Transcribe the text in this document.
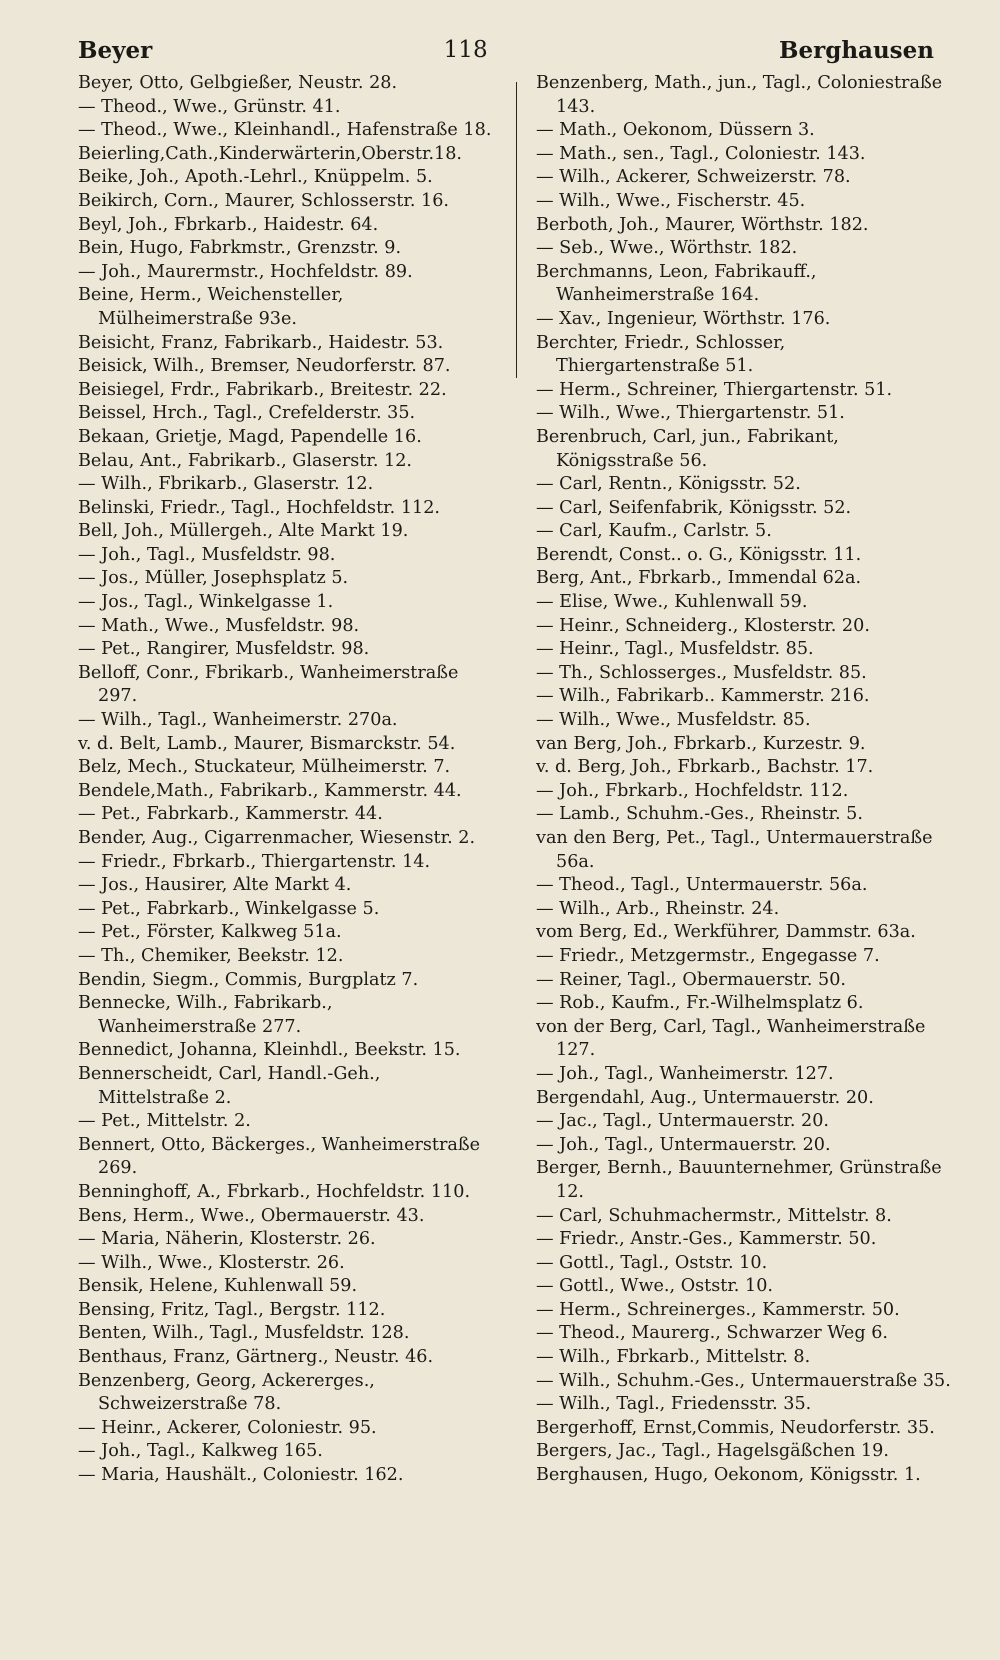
Beyer	118	Berghausen

Beyer, Otto, Gelbgießer, Neustr. 28.

— Theod., Wwe., Grünstr. 41.

— Theod., Wwe., Kleinhandl., Hafenstraße 18.

Beierling,Cath.,Kinderwärterin,Oberstr.18.

Beike, Joh., Apoth.-Lehrl., Knüppelm. 5.

Beikirch, Corn., Maurer, Schlosserstr. 16.

Beyl, Joh., Fbrkarb., Haidestr. 64.

Bein, Hugo, Fabrkmstr., Grenzstr. 9.

— Joh., Maurermstr., Hochfeldstr. 89.

Beine, Herm., Weichensteller, Mülheimerstraße 93e.

Beisicht, Franz, Fabrikarb., Haidestr. 53.

Beisick, Wilh., Bremser, Neudorferstr. 87.

Beisiegel, Frdr., Fabrikarb., Breitestr. 22.

Beissel, Hrch., Tagl., Crefelderstr. 35.

Bekaan, Grietje, Magd, Papendelle 16.

Belau, Ant., Fabrikarb., Glaserstr. 12.

— Wilh., Fbrikarb., Glaserstr. 12.

Belinski, Friedr., Tagl., Hochfeldstr. 112.

Bell, Joh., Müllergeh., Alte Markt 19.

— Joh., Tagl., Musfeldstr. 98.

— Jos., Müller, Josephsplatz 5.

— Jos., Tagl., Winkelgasse 1.

— Math., Wwe., Musfeldstr. 98.

— Pet., Rangirer, Musfeldstr. 98.

Belloff, Conr., Fbrikarb., Wanheimerstraße 297.

— Wilh., Tagl., Wanheimerstr. 270a.

v. d. Belt, Lamb., Maurer, Bismarckstr. 54.

Belz, Mech., Stuckateur, Mülheimerstr. 7.

Bendele,Math., Fabrikarb., Kammerstr. 44.

— Pet., Fabrkarb., Kammerstr. 44.

Bender, Aug., Cigarrenmacher, Wiesenstr. 2.

— Friedr., Fbrkarb., Thiergartenstr. 14.

— Jos., Hausirer, Alte Markt 4.

— Pet., Fabrkarb., Winkelgasse 5.

— Pet., Förster, Kalkweg 51a.

— Th., Chemiker, Beekstr. 12.

Bendin, Siegm., Commis, Burgplatz 7.

Bennecke, Wilh., Fabrikarb., Wanheimerstraße 277.

Bennedict, Johanna, Kleinhdl., Beekstr. 15.

Bennerscheidt, Carl, Handl.-Geh., Mittelstraße 2.

— Pet., Mittelstr. 2.

Bennert, Otto, Bäckerges., Wanheimerstraße 269.

Benninghoff, A., Fbrkarb., Hochfeldstr. 110.

Bens, Herm., Wwe., Obermauerstr. 43.

— Maria, Näherin, Klosterstr. 26.

— Wilh., Wwe., Klosterstr. 26.

Bensik, Helene, Kuhlenwall 59.

Bensing, Fritz, Tagl., Bergstr. 112.

Benten, Wilh., Tagl., Musfeldstr. 128.

Benthaus, Franz, Gärtnerg., Neustr. 46.

Benzenberg, Georg, Ackererges., Schweizerstraße 78.

— Heinr., Ackerer, Coloniestr. 95.

— Joh., Tagl., Kalkweg 165.

— Maria, Haushält., Coloniestr. 162.

Benzenberg, Math., jun., Tagl., Coloniestraße 143.

— Math., Oekonom, Düssern 3.

— Math., sen., Tagl., Coloniestr. 143.

— Wilh., Ackerer, Schweizerstr. 78.

— Wilh., Wwe., Fischerstr. 45.

Berboth, Joh., Maurer, Wörthstr. 182.

— Seb., Wwe., Wörthstr. 182.

Berchmanns, Leon, Fabrikauff., Wanheimerstraße 164.

— Xav., Ingenieur, Wörthstr. 176.

Berchter, Friedr., Schlosser, Thiergartenstraße 51.

— Herm., Schreiner, Thiergartenstr. 51.

— Wilh., Wwe., Thiergartenstr. 51.

Berenbruch, Carl, jun., Fabrikant, Königsstraße 56.

— Carl, Rentn., Königsstr. 52.

— Carl, Seifenfabrik, Königsstr. 52.

— Carl, Kaufm., Carlstr. 5.

Berendt, Const.. o. G., Königsstr. 11.

Berg, Ant., Fbrkarb., Immendal 62a.

— Elise, Wwe., Kuhlenwall 59.

— Heinr., Schneiderg., Klosterstr. 20.

— Heinr., Tagl., Musfeldstr. 85.

— Th., Schlosserges., Musfeldstr. 85.

— Wilh., Fabrikarb.. Kammerstr. 216.

— Wilh., Wwe., Musfeldstr. 85.

van Berg, Joh., Fbrkarb., Kurzestr. 9.

v. d. Berg, Joh., Fbrkarb., Bachstr. 17.

— Joh., Fbrkarb., Hochfeldstr. 112.

— Lamb., Schuhm.-Ges., Rheinstr. 5.

van den Berg, Pet., Tagl., Untermauerstraße 56a.

— Theod., Tagl., Untermauerstr. 56a.

— Wilh., Arb., Rheinstr. 24.

vom Berg, Ed., Werkführer, Dammstr. 63a.

— Friedr., Metzgermstr., Engegasse 7.

— Reiner, Tagl., Obermauerstr. 50.

— Rob., Kaufm., Fr.-Wilhelmsplatz 6.

von der Berg, Carl, Tagl., Wanheimerstraße 127.

— Joh., Tagl., Wanheimerstr. 127.

Bergendahl, Aug., Untermauerstr. 20.

— Jac., Tagl., Untermauerstr. 20.

— Joh., Tagl., Untermauerstr. 20.

Berger, Bernh., Bauunternehmer, Grünstraße 12.

— Carl, Schuhmachermstr., Mittelstr. 8.

— Friedr., Anstr.-Ges., Kammerstr. 50.

— Gottl., Tagl., Oststr. 10.

— Gottl., Wwe., Oststr. 10.

— Herm., Schreinerges., Kammerstr. 50.

— Theod., Maurerg., Schwarzer Weg 6.

— Wilh., Fbrkarb., Mittelstr. 8.

— Wilh., Schuhm.-Ges., Untermauerstraße 35.

— Wilh., Tagl., Friedensstr. 35.

Bergerhoff, Ernst,Commis, Neudorferstr. 35.

Bergers, Jac., Tagl., Hagelsgäßchen 19.

Berghausen, Hugo, Oekonom, Königsstr. 1.
